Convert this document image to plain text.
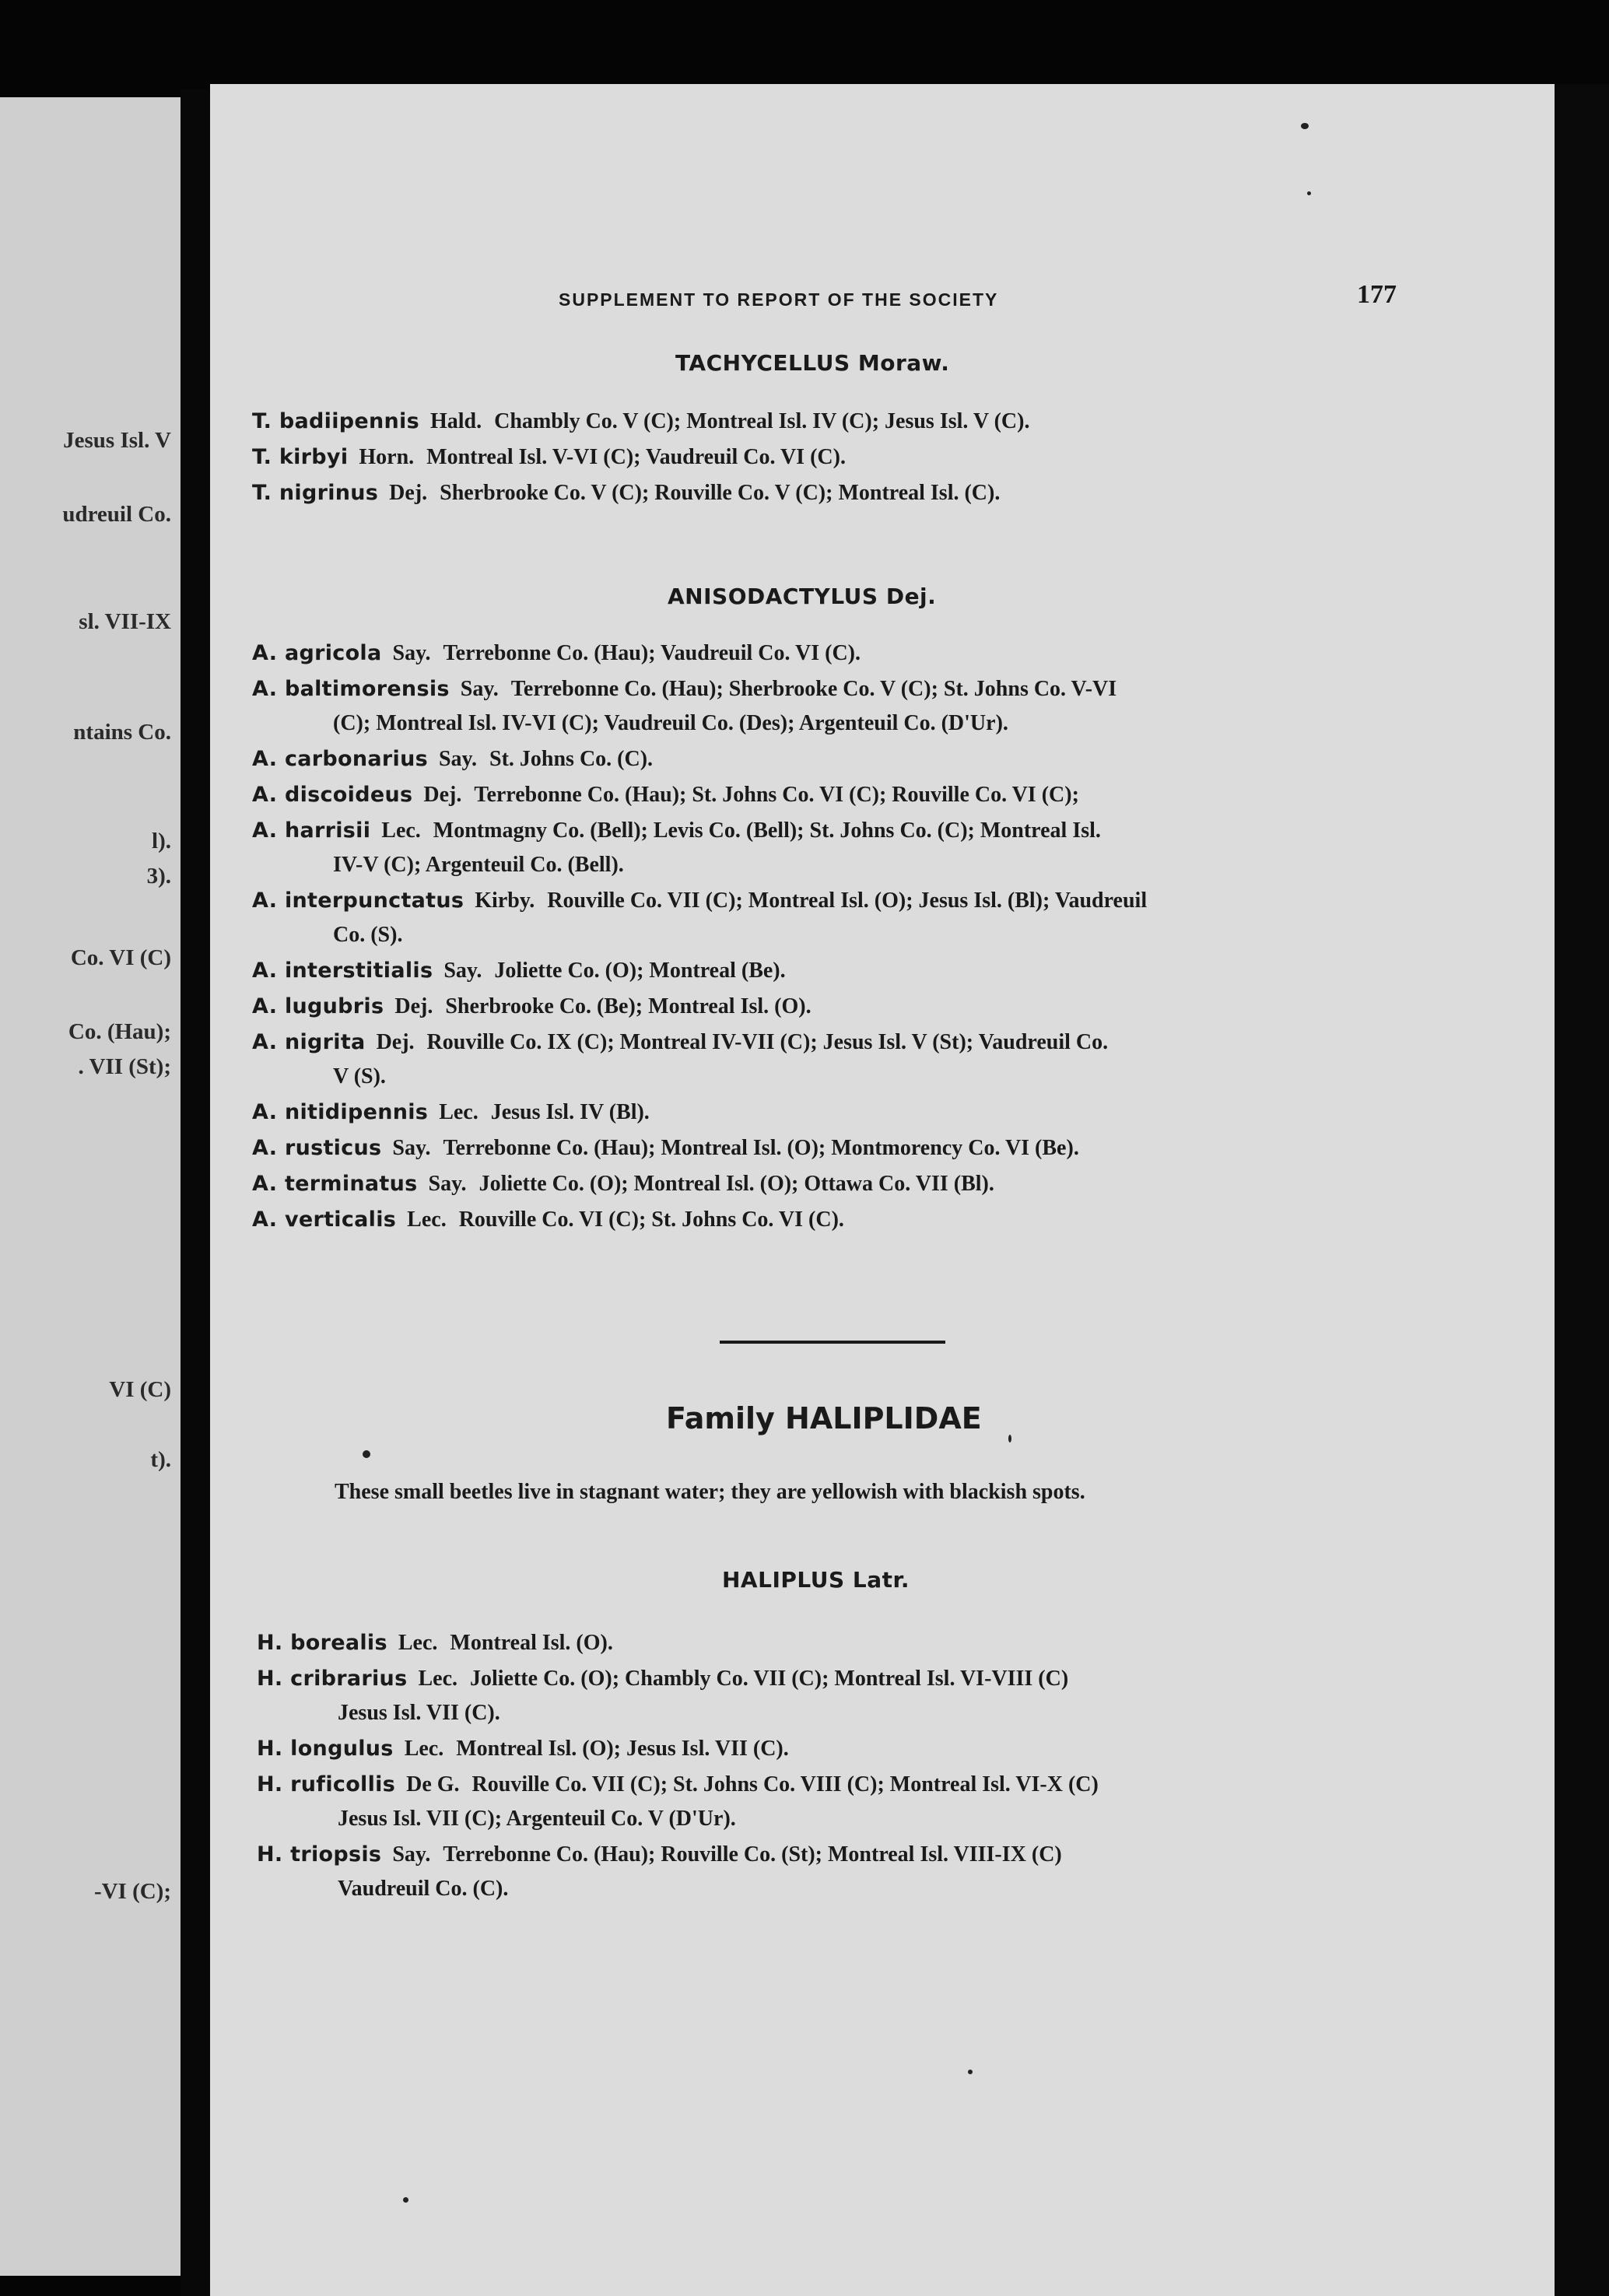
Jesus Isl. V
udreuil Co.
sl. VII-IX
ntains Co.
l).
3).
Co. VI (C)
Co. (Hau);
. VII (St);
VI (C)
t).
-VI (C);
SUPPLEMENT TO REPORT OF THE SOCIETY	177
TACHYCELLUS Moraw.
T. badiipennis Hald. Chambly Co. V (C); Montreal Isl. IV (C); Jesus Isl. V (C).
T. kirbyi Horn. Montreal Isl. V-VI (C); Vaudreuil Co. VI (C).
T. nigrinus Dej. Sherbrooke Co. V (C); Rouville Co. V (C); Montreal Isl. (C).
ANISODACTYLUS Dej.
A. agricola Say. Terrebonne Co. (Hau); Vaudreuil Co. VI (C).
A. baltimorensis Say. Terrebonne Co. (Hau); Sherbrooke Co. V (C); St. Johns Co. V-VI
(C); Montreal Isl. IV-VI (C); Vaudreuil Co. (Des); Argenteuil Co. (D'Ur).
A. carbonarius Say. St. Johns Co. (C).
A. discoideus Dej. Terrebonne Co. (Hau); St. Johns Co. VI (C); Rouville Co. VI (C);
A. harrisii Lec. Montmagny Co. (Bell); Levis Co. (Bell); St. Johns Co. (C); Montreal Isl.
IV-V (C); Argenteuil Co. (Bell).
A. interpunctatus Kirby. Rouville Co. VII (C); Montreal Isl. (O); Jesus Isl. (Bl); Vaudreuil
Co. (S).
A. interstitialis Say. Joliette Co. (O); Montreal (Be).
A. lugubris Dej. Sherbrooke Co. (Be); Montreal Isl. (O).
A. nigrita Dej. Rouville Co. IX (C); Montreal IV-VII (C); Jesus Isl. V (St); Vaudreuil Co.
V (S).
A. nitidipennis Lec. Jesus Isl. IV (Bl).
A. rusticus Say. Terrebonne Co. (Hau); Montreal Isl. (O); Montmorency Co. VI (Be).
A. terminatus Say. Joliette Co. (O); Montreal Isl. (O); Ottawa Co. VII (Bl).
A. verticalis Lec. Rouville Co. VI (C); St. Johns Co. VI (C).
Family HALIPLIDAE
These small beetles live in stagnant water; they are yellowish with blackish spots.
HALIPLUS Latr.
H. borealis Lec. Montreal Isl. (O).
H. cribrarius Lec. Joliette Co. (O); Chambly Co. VII (C); Montreal Isl. VI-VIII (C)
Jesus Isl. VII (C).
H. longulus Lec. Montreal Isl. (O); Jesus Isl. VII (C).
H. ruficollis De G. Rouville Co. VII (C); St. Johns Co. VIII (C); Montreal Isl. VI-X (C)
Jesus Isl. VII (C); Argenteuil Co. V (D'Ur).
H. triopsis Say. Terrebonne Co. (Hau); Rouville Co. (St); Montreal Isl. VIII-IX (C)
Vaudreuil Co. (C).
